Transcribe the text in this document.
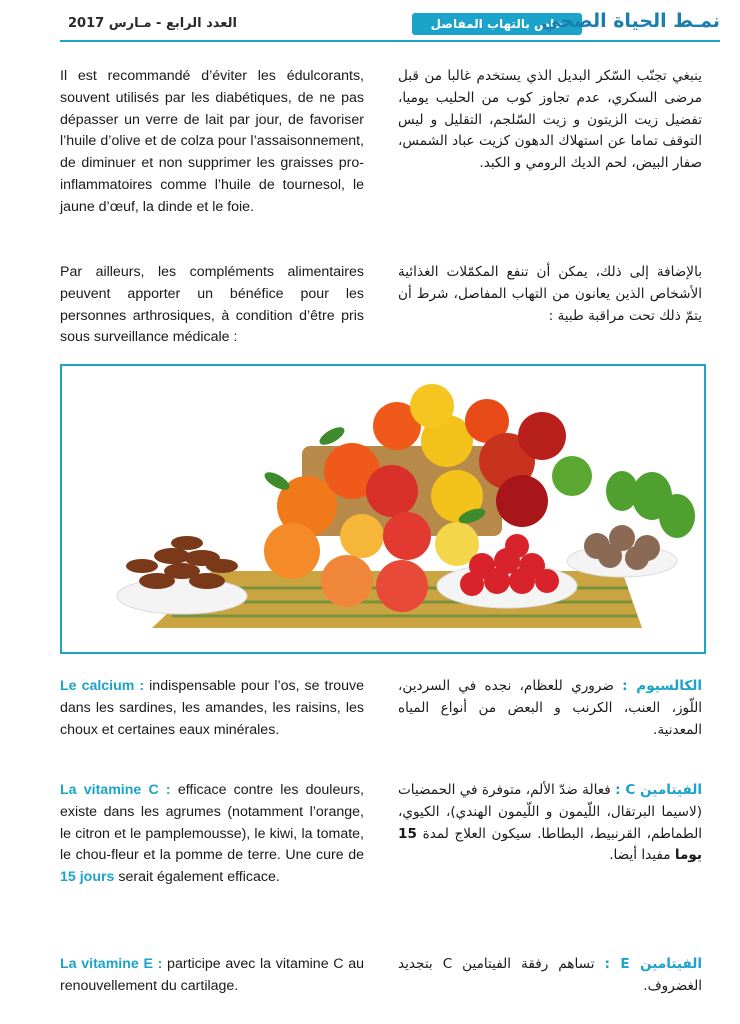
العدد الرابع - مـارس 2017	خاص بالتهاب المفاصل
نمـط الحياة الصحي

Il est recommandé d’éviter les édulcorants, souvent utilisés par les diabétiques, de ne pas dépasser un verre de lait par jour, de favoriser l’huile d’olive et de colza pour l’assaisonnement, de diminuer et non supprimer les graisses pro-inflammatoires comme l’huile de tournesol, le jaune d’œuf, la dinde et le foie.

Par ailleurs, les compléments alimentaires peuvent apporter un bénéfice pour les personnes arthrosiques, à condition d’être pris sous surveillance médicale :

ينبغي تجنّب السّكر البديل الذي يستخدم غالبا من قبل مرضى السكري، عدم تجاوز كوب من الحليب يوميا، تفضيل زيت الزيتون و زيت السّلجم، التقليل و ليس التوقف تماما عن استهلاك الدهون كزيت عباد الشمس، صفار البيض، لحم الديك الرومي و الكبد.

بالإضافة إلى ذلك، يمكن أن تنفع المكمّلات الغذائية الأشخاص الذين يعانون من التهاب المفاصل، شرط أن يتمّ ذلك تحت مراقبة طبية :

Le calcium : indispensable pour l’os, se trouve dans les sardines, les amandes, les raisins, les choux et certaines eaux minérales.

La vitamine C : efficace contre les douleurs, existe dans les agrumes (notamment l’orange, le citron et le pamplemousse), le kiwi, la tomate, le chou-fleur et la pomme de terre. Une cure de 15 jours serait également efficace.

La vitamine E : participe avec la vitamine C au renouvellement du cartilage.

الكالسيوم : ضروري للعظام، نجده في السردين، اللّوز، العنب، الكرنب و البعض من أنواع المياه المعدنية.

الفيتامين C : فعالة ضدّ الألم، متوفرة في الحمضيات (لاسيما البرتقال، اللّيمون و اللّيمون الهندي)، الكيوي، الطماطم، القرنبيط، البطاطا. سيكون العلاج لمدة 15 يوما مفيدا أيضا.

الفيتامين E : تساهم رفقة الفيتامين C بتجديد الغضروف.
